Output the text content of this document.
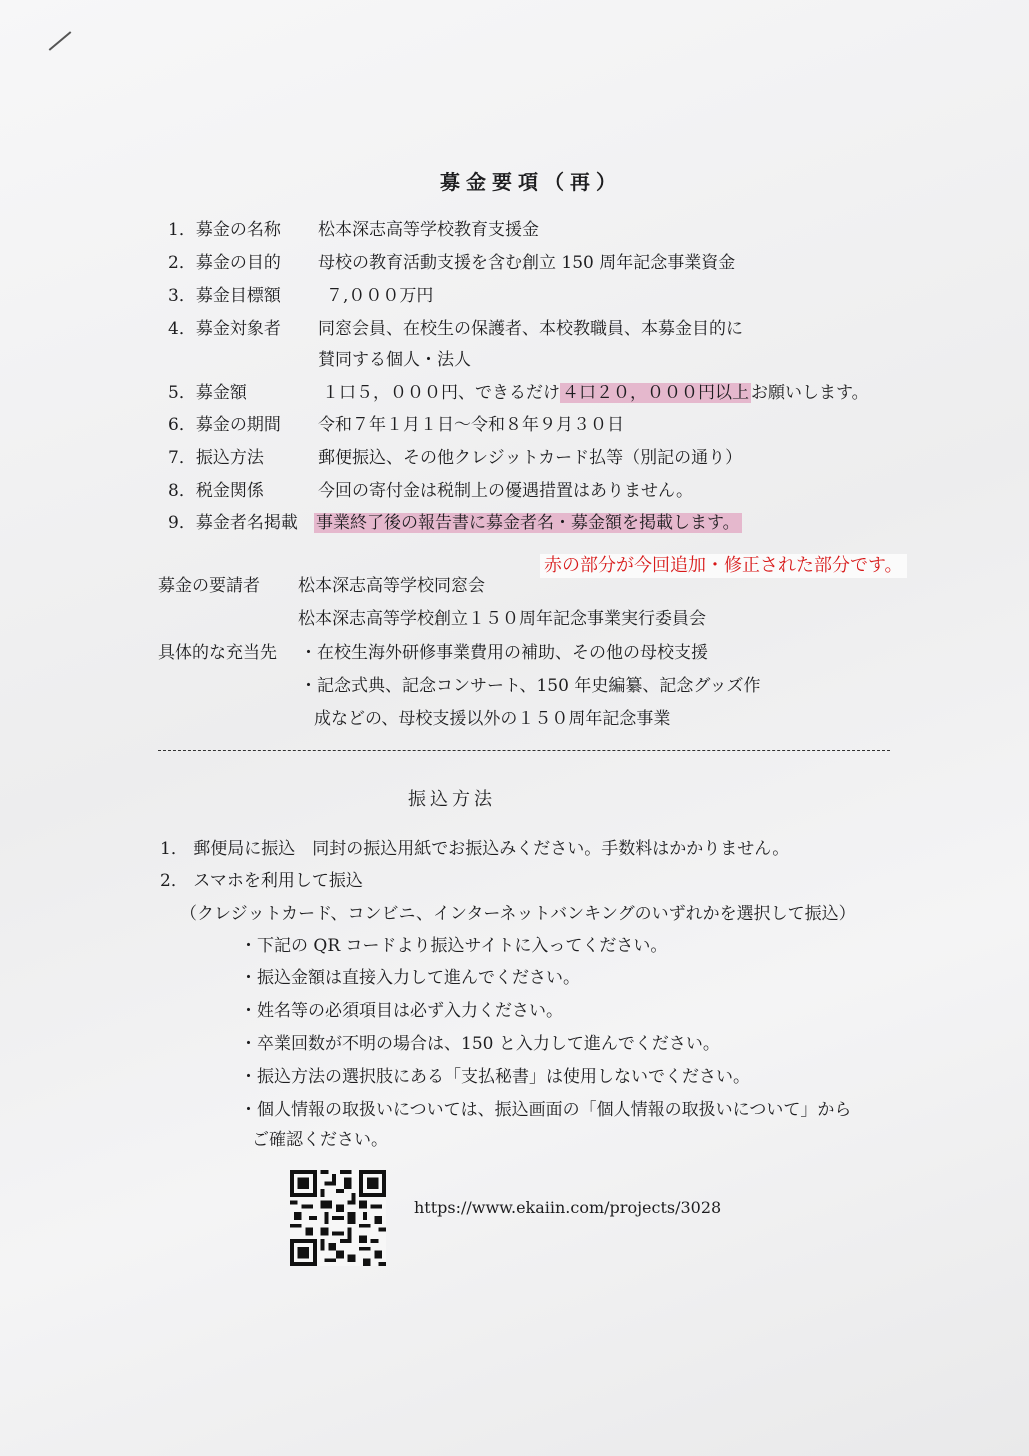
募金要項（再）
1．募金の名称	松本深志高等学校教育支援金
2．募金の目的	母校の教育活動支援を含む創立 150 周年記念事業資金
3．募金目標額	７,０００万円
4．募金対象者	同窓会員、在校生の保護者、本校教職員、本募金目的に
賛同する個人・法人
5．募金額	１口５，０００円、できるだけ ４口２０，０００円以上 お願いします。
6．募金の期間	令和７年１月１日～令和８年９月３０日
7．振込方法	郵便振込、その他クレジットカード払等（別記の通り）
8．税金関係	今回の寄付金は税制上の優遇措置はありません。
9．募金者名掲載 事業終了後の報告書に募金者名・募金額を掲載します。
赤の部分が今回追加・修正された部分です。
募金の要請者 松本深志高等学校同窓会
松本深志高等学校創立１５０周年記念事業実行委員会
具体的な充当先 ・在校生海外研修事業費用の補助、その他の母校支援
・記念式典、記念コンサート、150 年史編纂、記念グッズ作
成などの、母校支援以外の１５０周年記念事業
振込方法
1． 郵便局に振込　同封の振込用紙でお振込みください。手数料はかかりません。
2． スマホを利用して振込
（クレジットカード、コンビニ、インターネットバンキングのいずれかを選択して振込）
・下記の QR コードより振込サイトに入ってください。
・振込金額は直接入力して進んでください。
・姓名等の必須項目は必ず入力ください。
・卒業回数が不明の場合は、150 と入力して進んでください。
・振込方法の選択肢にある「支払秘書」は使用しないでください。
・個人情報の取扱いについては、振込画面の「個人情報の取扱いについて」から
ご確認ください。
https://www.ekaiin.com/projects/3028
